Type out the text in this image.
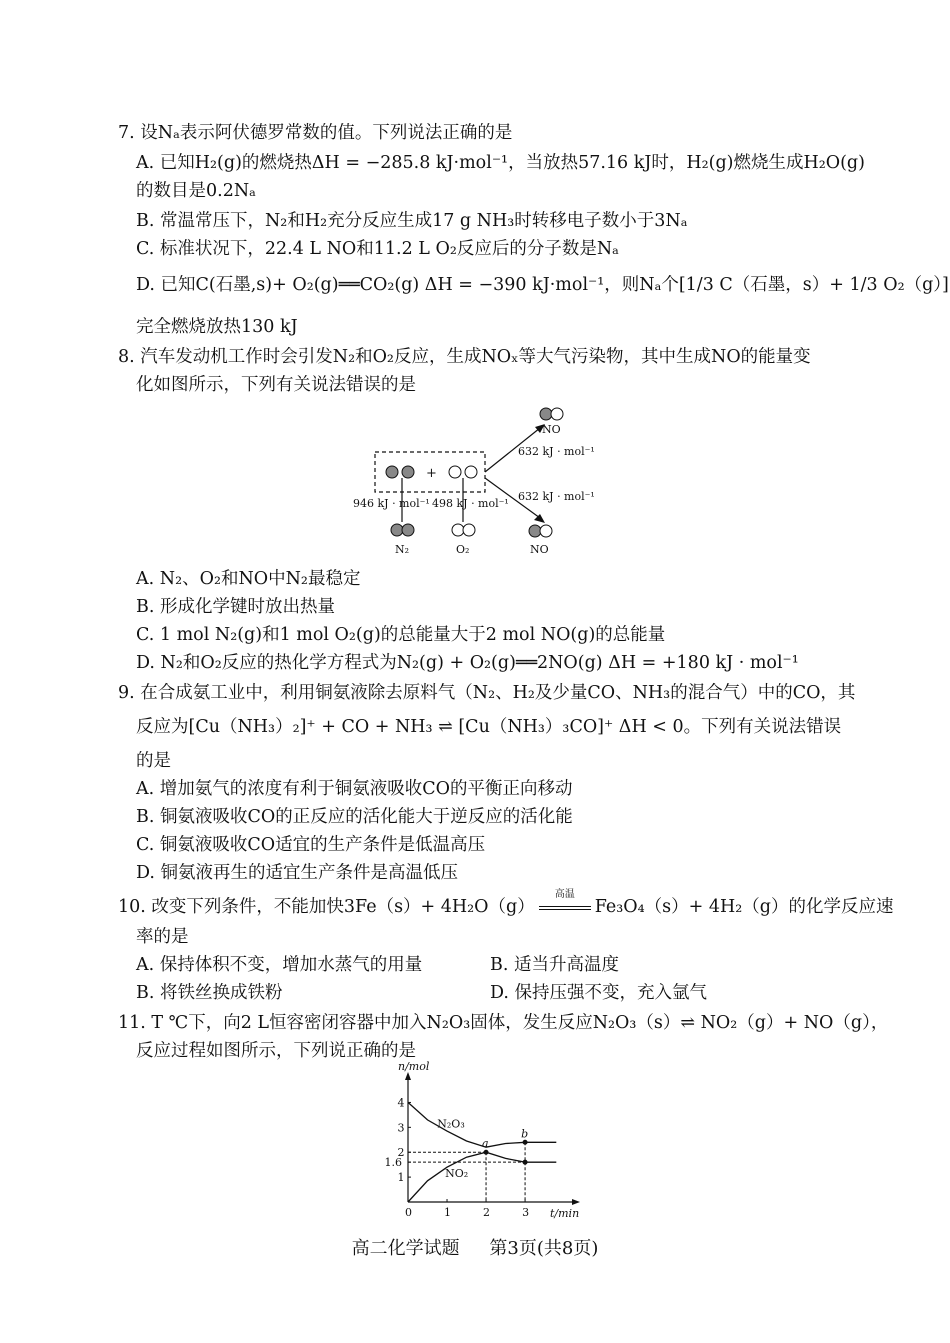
7. 设Nₐ表示阿伏德罗常数的值。下列说法正确的是
A. 已知H₂(g)的燃烧热ΔH = −285.8 kJ·mol⁻¹，当放热57.16 kJ时，H₂(g)燃烧生成H₂O(g)
的数目是0.2Nₐ
B. 常温常压下，N₂和H₂充分反应生成17 g NH₃时转移电子数小于3Nₐ
C. 标准状况下，22.4 L NO和11.2 L O₂反应后的分子数是Nₐ
D. 已知C(石墨,s)+ O₂(g)══CO₂(g) ΔH = −390 kJ·mol⁻¹，则Nₐ个[1/3 C（石墨，s）+ 1/3 O₂（g）]
完全燃烧放热130 kJ
8. 汽车发动机工作时会引发N₂和O₂反应，生成NOₓ等大气污染物，其中生成NO的能量变
化如图所示，下列有关说法错误的是
+
946 kJ · mol⁻¹ 498 kJ · mol⁻¹
N₂	O₂
NO
632 kJ · mol⁻¹
632 kJ · mol⁻¹
NO
A. N₂、O₂和NO中N₂最稳定
B. 形成化学键时放出热量
C. 1 mol N₂(g)和1 mol O₂(g)的总能量大于2 mol NO(g)的总能量
D. N₂和O₂反应的热化学方程式为N₂(g) + O₂(g)══2NO(g) ΔH = +180 kJ · mol⁻¹
9. 在合成氨工业中，利用铜氨液除去原料气（N₂、H₂及少量CO、NH₃的混合气）中的CO，其
反应为[Cu（NH₃）₂]⁺ + CO + NH₃ ⇌ [Cu（NH₃）₃CO]⁺ ΔH < 0。下列有关说法错误
的是
A. 增加氨气的浓度有利于铜氨液吸收CO的平衡正向移动
B. 铜氨液吸收CO的正反应的活化能大于逆反应的活化能
C. 铜氨液吸收CO适宜的生产条件是低温高压
D. 铜氨液再生的适宜生产条件是高温低压
10. 改变下列条件，不能加快3Fe（s）+ 4H₂O（g）
高温
Fe₃O₄（s）+ 4H₂（g）的化学反应速
率的是
A. 保持体积不变，增加水蒸气的用量	B. 适当升高温度
B. 将铁丝换成铁粉	D. 保持压强不变，充入氩气
11. T ℃下，向2 L恒容密闭容器中加入N₂O₃固体，发生反应N₂O₃（s）⇌ NO₂（g）+ NO（g），
反应过程如图所示，下列说正确的是
t/min
n/mol
0	1	2	3
1
1.6
2
3
4
N₂O₃
NO₂
a
b
高二化学试题 第3页(共8页)
